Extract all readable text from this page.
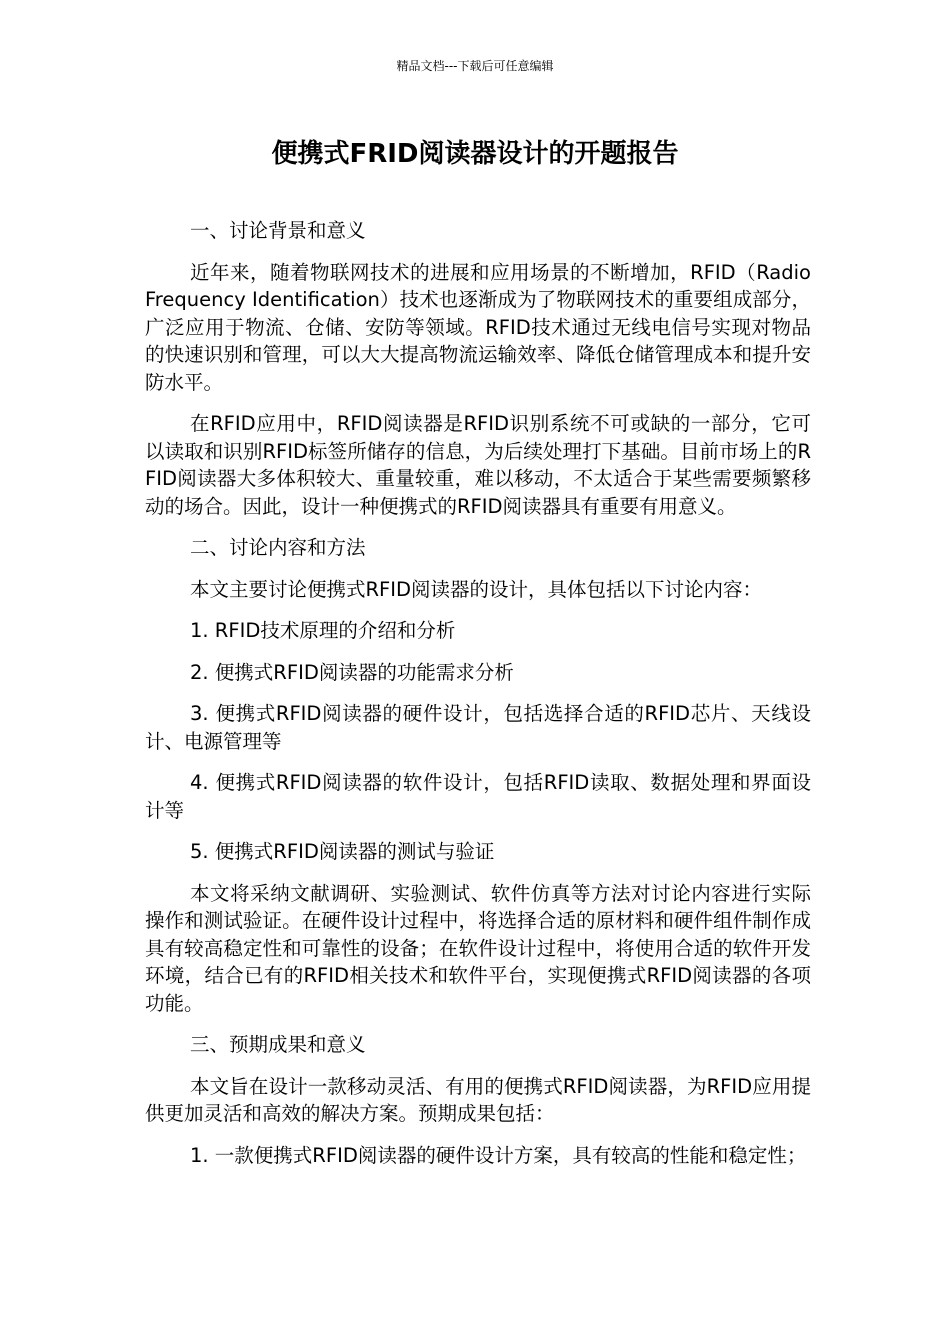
精品文档---下载后可任意编辑
便携式FRID阅读器设计的开题报告

一、讨论背景和意义

近年来，随着物联网技术的进展和应用场景的不断增加，RFID（Radio Frequency Identification）技术也逐渐成为了物联网技术的重要组成部分，广泛应用于物流、仓储、安防等领域。RFID技术通过无线电信号实现对物品的快速识别和管理，可以大大提高物流运输效率、降低仓储管理成本和提升安防水平。

在RFID应用中，RFID阅读器是RFID识别系统不可或缺的一部分，它可以读取和识别RFID标签所储存的信息，为后续处理打下基础。目前市场上的RFID阅读器大多体积较大、重量较重，难以移动，不太适合于某些需要频繁移动的场合。因此，设计一种便携式的RFID阅读器具有重要有用意义。

二、讨论内容和方法

本文主要讨论便携式RFID阅读器的设计，具体包括以下讨论内容：

1. RFID技术原理的介绍和分析

2. 便携式RFID阅读器的功能需求分析

3. 便携式RFID阅读器的硬件设计，包括选择合适的RFID芯片、天线设计、电源管理等

4. 便携式RFID阅读器的软件设计，包括RFID读取、数据处理和界面设计等

5. 便携式RFID阅读器的测试与验证

本文将采纳文献调研、实验测试、软件仿真等方法对讨论内容进行实际操作和测试验证。在硬件设计过程中，将选择合适的原材料和硬件组件制作成具有较高稳定性和可靠性的设备；在软件设计过程中，将使用合适的软件开发环境，结合已有的RFID相关技术和软件平台，实现便携式RFID阅读器的各项功能。

三、预期成果和意义

本文旨在设计一款移动灵活、有用的便携式RFID阅读器，为RFID应用提供更加灵活和高效的解决方案。预期成果包括：

1. 一款便携式RFID阅读器的硬件设计方案，具有较高的性能和稳定性；
